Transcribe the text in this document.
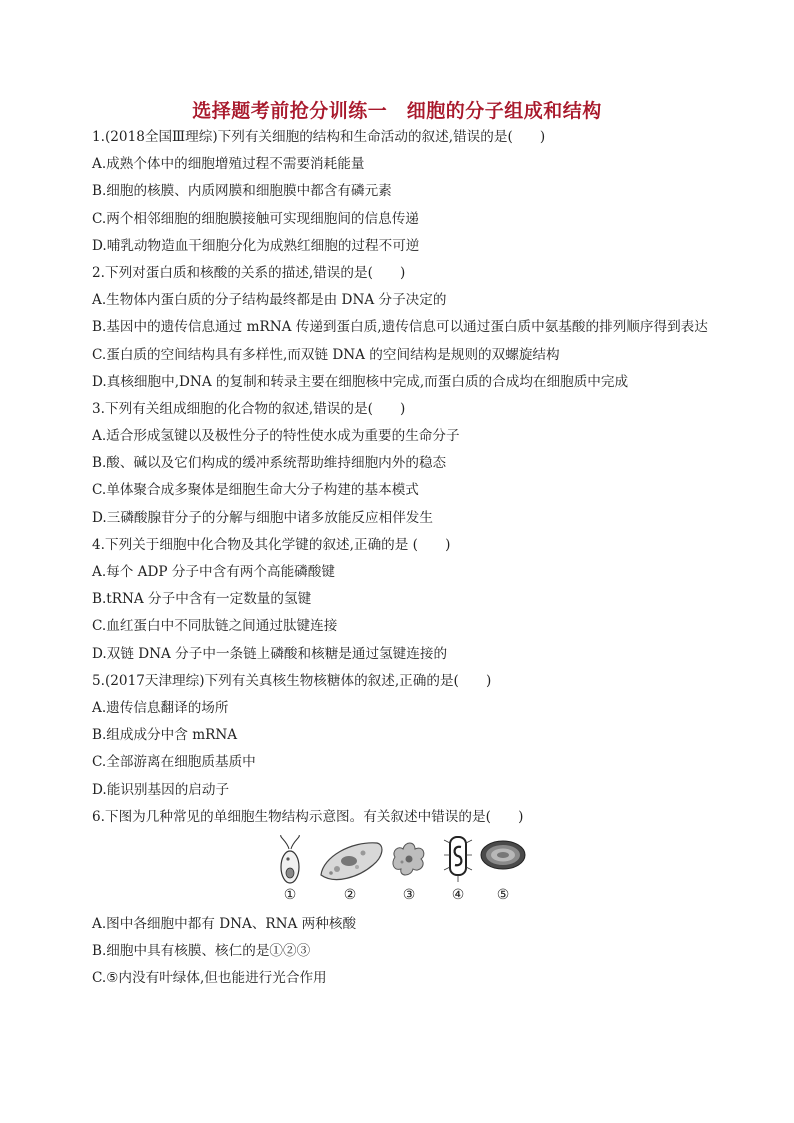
选择题考前抢分训练一　细胞的分子组成和结构
1.(2018全国Ⅲ理综)下列有关细胞的结构和生命活动的叙述,错误的是(　　)
A.成熟个体中的细胞增殖过程不需要消耗能量
B.细胞的核膜、内质网膜和细胞膜中都含有磷元素
C.两个相邻细胞的细胞膜接触可实现细胞间的信息传递
D.哺乳动物造血干细胞分化为成熟红细胞的过程不可逆
2.下列对蛋白质和核酸的关系的描述,错误的是(　　)
A.生物体内蛋白质的分子结构最终都是由 DNA 分子决定的
B.基因中的遗传信息通过 mRNA 传递到蛋白质,遗传信息可以通过蛋白质中氨基酸的排列顺序得到表达
C.蛋白质的空间结构具有多样性,而双链 DNA 的空间结构是规则的双螺旋结构
D.真核细胞中,DNA 的复制和转录主要在细胞核中完成,而蛋白质的合成均在细胞质中完成
3.下列有关组成细胞的化合物的叙述,错误的是(　　)
A.适合形成氢键以及极性分子的特性使水成为重要的生命分子
B.酸、碱以及它们构成的缓冲系统帮助维持细胞内外的稳态
C.单体聚合成多聚体是细胞生命大分子构建的基本模式
D.三磷酸腺苷分子的分解与细胞中诸多放能反应相伴发生
4.下列关于细胞中化合物及其化学键的叙述,正确的是 (　　)
A.每个 ADP 分子中含有两个高能磷酸键
B.tRNA 分子中含有一定数量的氢键
C.血红蛋白中不同肽链之间通过肽键连接
D.双链 DNA 分子中一条链上磷酸和核糖是通过氢键连接的
5.(2017天津理综)下列有关真核生物核糖体的叙述,正确的是(　　)
A.遗传信息翻译的场所
B.组成成分中含 mRNA
C.全部游离在细胞质基质中
D.能识别基因的启动子
6.下图为几种常见的单细胞生物结构示意图。有关叙述中错误的是(　　)
①	②	③	④	⑤
A.图中各细胞中都有 DNA、RNA 两种核酸
B.细胞中具有核膜、核仁的是①②③
C.⑤内没有叶绿体,但也能进行光合作用
